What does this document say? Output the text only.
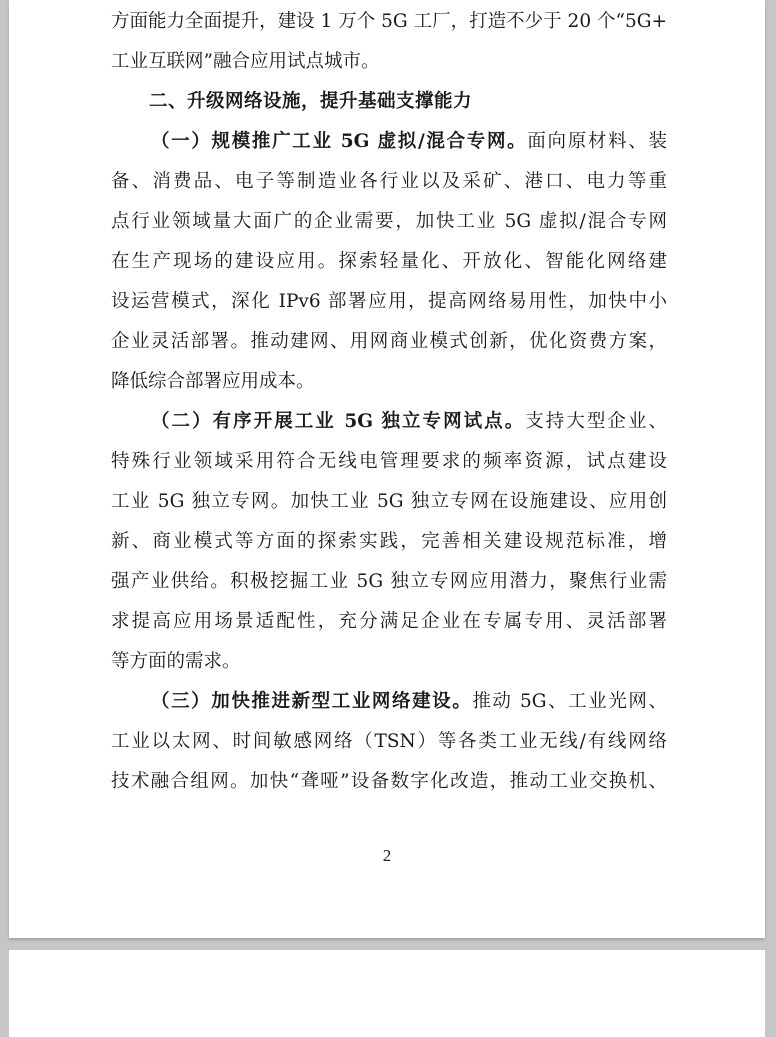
方面能力全面提升，建设 1 万个 5G 工厂，打造不少于 20 个“5G+
工业互联网”融合应用试点城市。
二、升级网络设施，提升基础支撑能力
（一）规模推广工业 5G 虚拟/混合专网。面向原材料、装
备、消费品、电子等制造业各行业以及采矿、港口、电力等重
点行业领域量大面广的企业需要，加快工业 5G 虚拟/混合专网
在生产现场的建设应用。探索轻量化、开放化、智能化网络建
设运营模式，深化 IPv6 部署应用，提高网络易用性，加快中小
企业灵活部署。推动建网、用网商业模式创新，优化资费方案，
降低综合部署应用成本。
（二）有序开展工业 5G 独立专网试点。支持大型企业、
特殊行业领域采用符合无线电管理要求的频率资源，试点建设
工业 5G 独立专网。加快工业 5G 独立专网在设施建设、应用创
新、商业模式等方面的探索实践，完善相关建设规范标准，增
强产业供给。积极挖掘工业 5G 独立专网应用潜力，聚焦行业需
求提高应用场景适配性，充分满足企业在专属专用、灵活部署
等方面的需求。
（三）加快推进新型工业网络建设。推动 5G、工业光网、
工业以太网、时间敏感网络（TSN）等各类工业无线/有线网络
技术融合组网。加快“聋哑”设备数字化改造，推动工业交换机、
2
